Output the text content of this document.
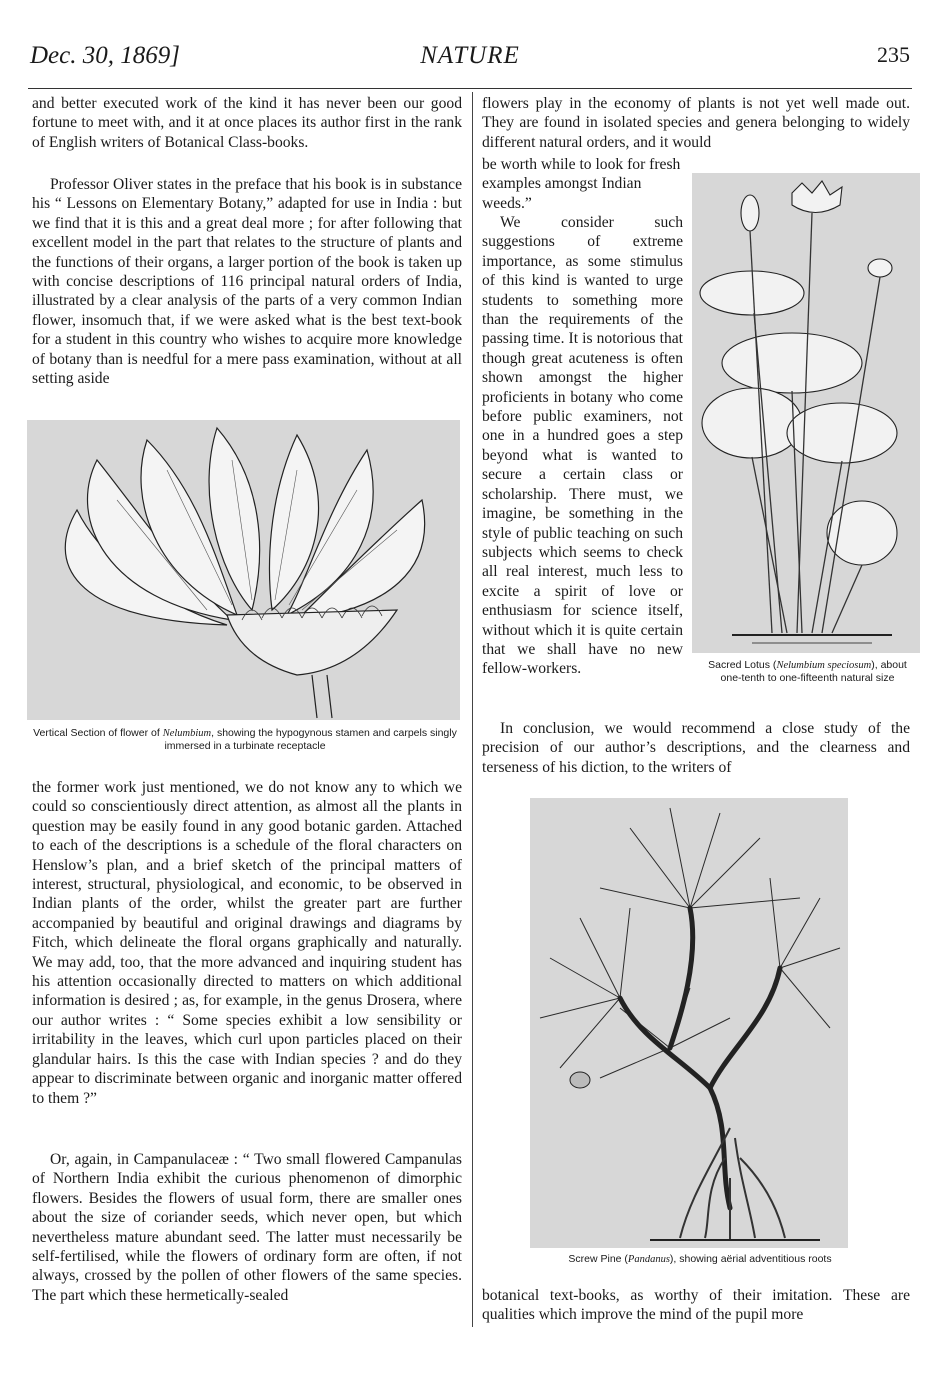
Dec. 30, 1869]	NATURE	235

and better executed work of the kind it has never been our good fortune to meet with, and it at once places its author first in the rank of English writers of Botanical Class-books.

Professor Oliver states in the preface that his book is in substance his “ Lessons on Elementary Botany,” adapted for use in India : but we find that it is this and a great deal more ; for after following that excellent model in the part that relates to the structure of plants and the functions of their organs, a larger portion of the book is taken up with concise descriptions of 116 principal natural orders of India, illustrated by a clear analysis of the parts of a very common Indian flower, insomuch that, if we were asked what is the best text-book for a student in this country who wishes to acquire more knowledge of botany than is needful for a mere pass examination, without at all setting aside

Vertical Section of flower of Nelumbium, showing the hypogynous stamen and carpels singly immersed in a turbinate receptacle

the former work just mentioned, we do not know any to which we could so conscientiously direct attention, as almost all the plants in question may be easily found in any good botanic garden. Attached to each of the descriptions is a schedule of the floral characters on Henslow’s plan, and a brief sketch of the principal matters of interest, structural, physiological, and economic, to be observed in Indian plants of the order, whilst the greater part are further accompanied by beautiful and original drawings and diagrams by Fitch, which delineate the floral organs graphically and naturally. We may add, too, that the more advanced and inquiring student has his attention occasionally directed to matters on which additional information is desired ; as, for example, in the genus Drosera, where our author writes : “ Some species exhibit a low sensibility or irritability in the leaves, which curl upon particles placed on their glandular hairs. Is this the case with Indian species ? and do they appear to discriminate between organic and inorganic matter offered to them ?”

Or, again, in Campanulaceæ : “ Two small flowered Campanulas of Northern India exhibit the curious phenomenon of dimorphic flowers. Besides the flowers of usual form, there are smaller ones about the size of coriander seeds, which never open, but which nevertheless mature abundant seed. The latter must necessarily be self-fertilised, while the flowers of ordinary form are often, if not always, crossed by the pollen of other flowers of the same species. The part which these hermetically-sealed

flowers play in the economy of plants is not yet well made out. They are found in isolated species and genera belonging to widely different natural orders, and it would

be worth while to look for fresh examples amongst Indian weeds.”

Sacred Lotus (Nelumbium speciosum), about one-tenth to one-fifteenth natural size

We consider such suggestions of extreme importance, as some stimulus of this kind is wanted to urge students to something more than the requirements of the passing time. It is notorious that though great acuteness is often shown amongst the higher proficients in botany who come before public examiners, not one in a hundred goes a step beyond what is wanted to secure a certain class or scholarship. There must, we imagine, be something in the style of public teaching on such subjects which seems to check all real interest, much less to excite a spirit of love or enthusiasm for science itself, without which it is quite certain that we shall have no new fellow-workers.

In conclusion, we would recommend a close study of the precision of our author’s descriptions, and the clearness and terseness of his diction, to the writers of

Screw Pine (Pandanus), showing aërial adventitious roots

botanical text-books, as worthy of their imitation. These are qualities which improve the mind of the pupil more
